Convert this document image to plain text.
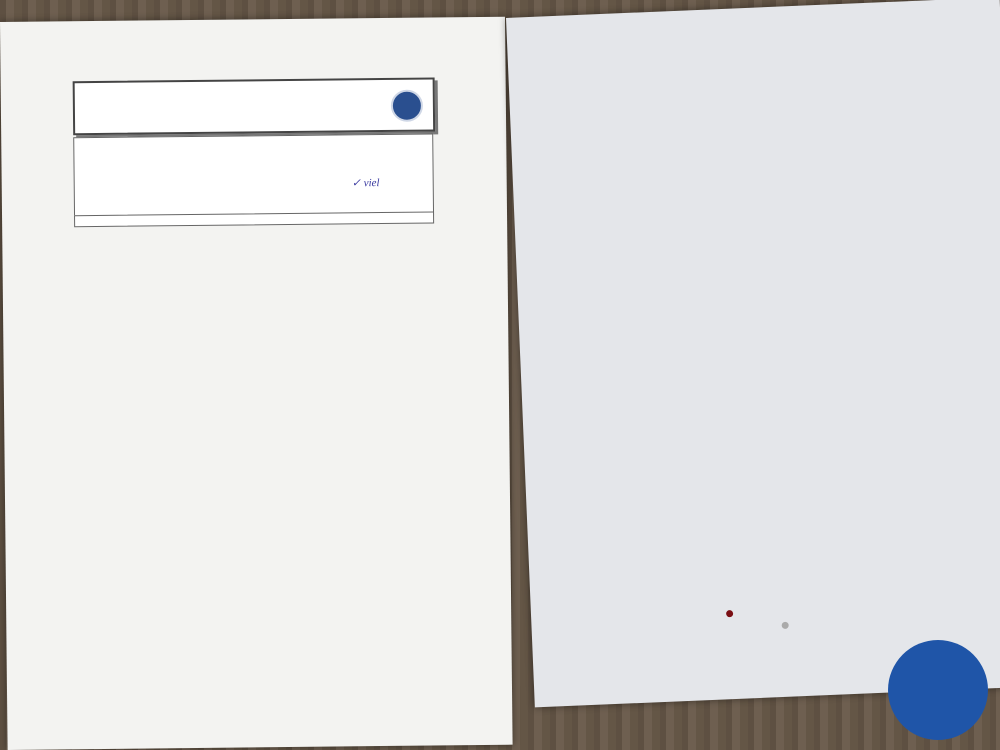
✓ viel
